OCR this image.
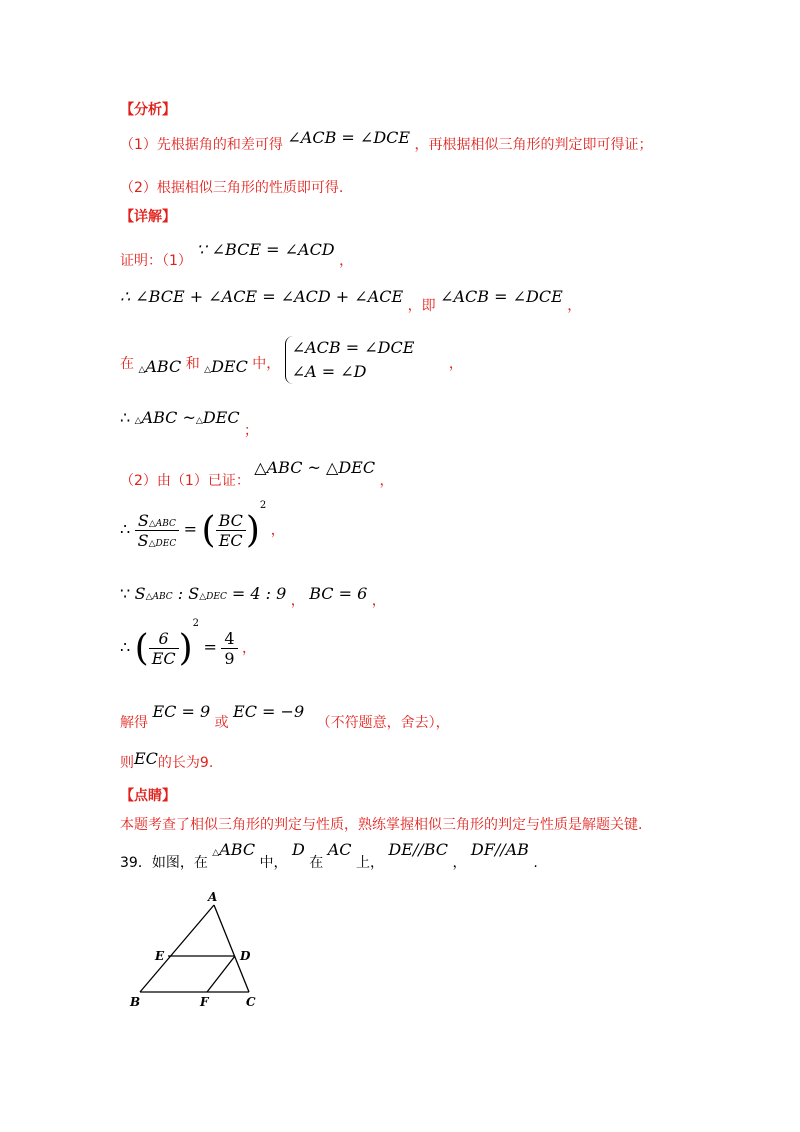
【分析】
（1）先根据角的和差可得 ∠ACB = ∠DCE ，再根据相似三角形的判定即可得证；
（2）根据相似三角形的性质即可得.
【详解】
证明：（1） ∵ ∠BCE = ∠ACD ，
∴ ∠BCE + ∠ACE = ∠ACD + ∠ACE ，即 ∠ACB = ∠DCE ，
在 △ABC 和 △DEC 中，
∠ACB = ∠DCE
∠A = ∠D	，
∴ △ABC ~△DEC ；
（2）由（1）已证： △ABC ~ △DEC ，
∴ $\frac{\text{S△ABC}}{\text{S△DEC}}$ = ( $\frac{BC}{EC} )^2$ ，
∵ S△ABC : S△DEC = 4 : 9 ， BC = 6 ，
∴ ( $\frac{6}{EC} )^2 = \frac{4}{9}$ ，
解得 EC = 9 或 EC = −9 （不符题意，舍去），
则EC的长为9.
【点睛】
本题考查了相似三角形的判定与性质，熟练掌握相似三角形的判定与性质是解题关键.
39．如图，在 △ABC 中， D 在 AC 上， DE//BC ， DF//AB .
A
B	C
D
E
F
